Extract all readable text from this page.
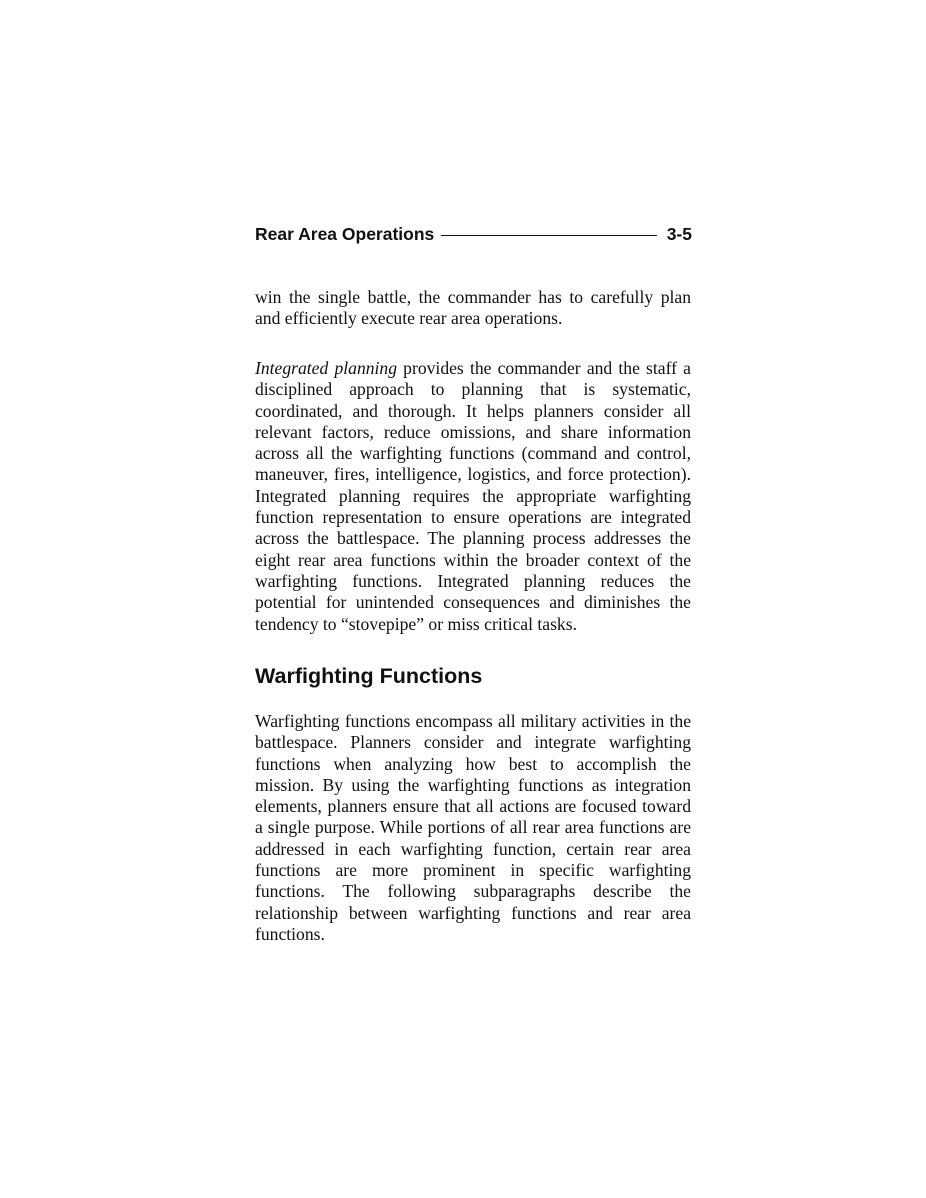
Rear Area Operations	3-5

win the single battle, the commander has to carefully plan and efficiently execute rear area operations.

Integrated planning provides the commander and the staff a disciplined approach to planning that is systematic, coordinated, and thorough. It helps planners consider all relevant factors, reduce omissions, and share information across all the warfighting functions (command and control, maneuver, fires, intelligence, logistics, and force protection). Integrated planning requires the appropriate warfighting function representation to ensure operations are integrated across the battlespace. The planning process addresses the eight rear area functions within the broader context of the warfighting functions. Integrated planning reduces the potential for unintended consequences and diminishes the tendency to “stovepipe” or miss critical tasks.

Warfighting Functions

Warfighting functions encompass all military activities in the battlespace. Planners consider and integrate warfighting functions when analyzing how best to accomplish the mission. By using the warfighting functions as integration elements, planners ensure that all actions are focused toward a single purpose. While portions of all rear area functions are addressed in each warfighting function, certain rear area functions are more prominent in specific warfighting functions. The following subparagraphs describe the relationship between warfighting functions and rear area functions.
